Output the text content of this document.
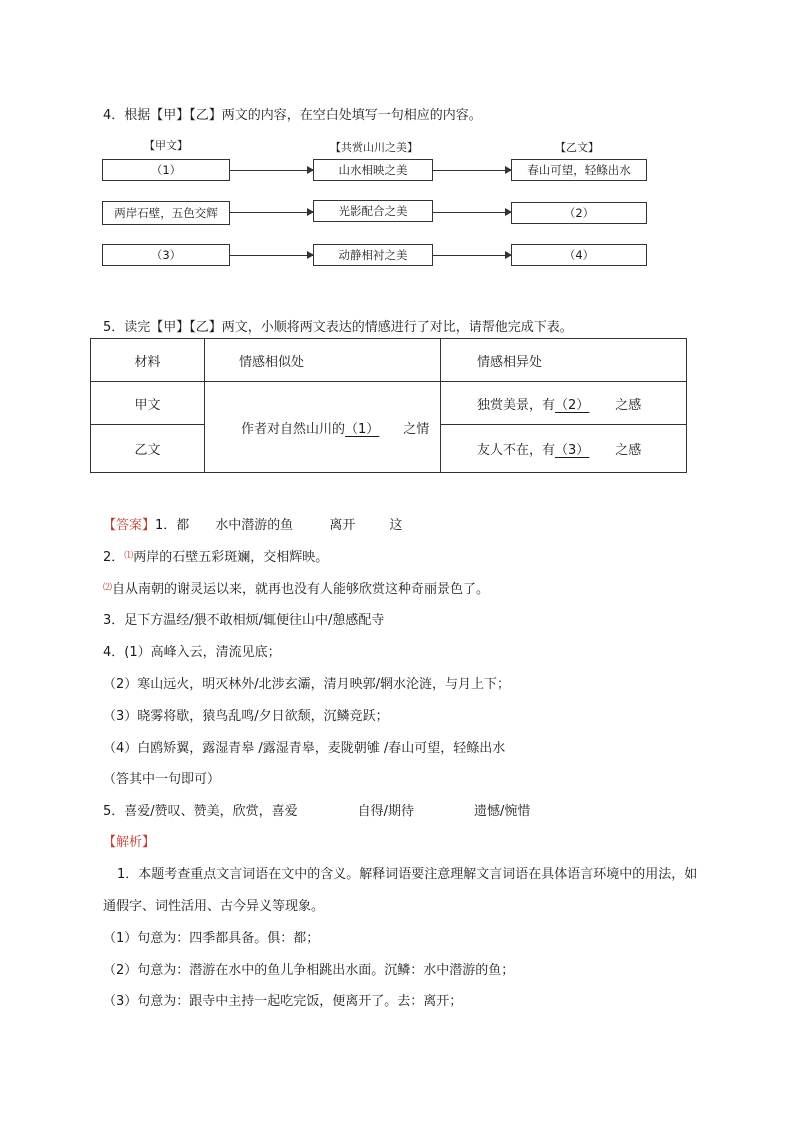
4．根据【甲】【乙】两文的内容，在空白处填写一句相应的内容。
【甲文】	【共赏山川之美】	【乙文】
（1）	山水相映之美	春山可望，轻鲦出水
两岸石壁，五色交辉	光影配合之美	（2）
（3）	动静相衬之美	（4）
5．读完【甲】【乙】两文，小顺将两文表达的情感进行了对比，请帮他完成下表。
材料	情感相似处	情感相异处
甲文	作者对自然山川的（1） 之情	独赏美景，有（2） 之感
乙文		友人不在，有（3） 之感
【答案】1．都 水中潜游的鱼	离开	这
2．⑴两岸的石壁五彩斑斓，交相辉映。
⑵自从南朝的谢灵运以来，就再也没有人能够欣赏这种奇丽景色了。
3．足下方温经/猥不敢相烦/辄便往山中/憩感配寺
4．(1）高峰入云，清流见底；
（2）寒山远火，明灭林外/北涉玄灞，清月映郭/辋水沦涟，与月上下；
（3）晓雾将歇，猿鸟乱鸣/夕日欲颓，沉鳞竞跃；
（4）白鸥矫翼，露湿青皋 /露湿青皋，麦陇朝雊 /春山可望，轻鲦出水
（答其中一句即可）
5．喜爱/赞叹、赞美，欣赏，喜爱	自得/期待	遗憾/惋惜
【解析】
1．本题考查重点文言词语在文中的含义。解释词语要注意理解文言词语在具体语言环境中的用法，如
通假字、词性活用、古今异义等现象。
（1）句意为：四季都具备。俱：都；
（2）句意为：潜游在水中的鱼儿争相跳出水面。沉鳞：水中潜游的鱼；
（3）句意为：跟寺中主持一起吃完饭，便离开了。去：离开；
